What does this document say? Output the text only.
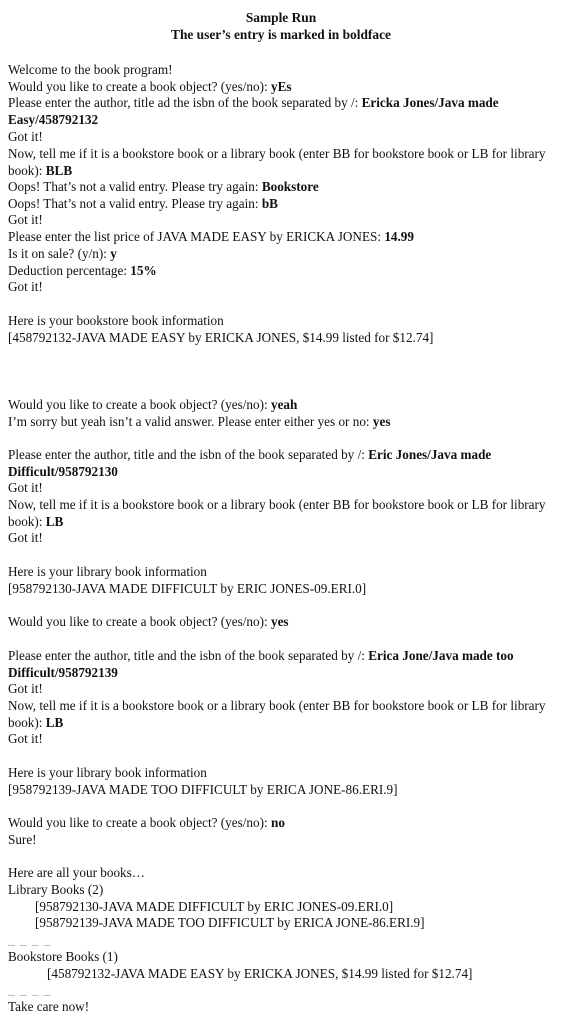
Sample Run
The user’s entry is marked in boldface
Welcome to the book program!
Would you like to create a book object? (yes/no): yEs
Please enter the author, title ad the isbn of the book separated by /: Ericka Jones/Java made Easy/458792132
Got it!
Now, tell me if it is a bookstore book or a library book (enter BB for bookstore book or LB for library book): BLB
Oops! That’s not a valid entry. Please try again: Bookstore
Oops! That’s not a valid entry. Please try again: bB
Got it!
Please enter the list price of JAVA MADE EASY by ERICKA JONES: 14.99
Is it on sale? (y/n): y
Deduction percentage: 15%
Got it!
Here is your bookstore book information
[458792132-JAVA MADE EASY by ERICKA JONES, $14.99 listed for $12.74]
Would you like to create a book object? (yes/no): yeah
I’m sorry but yeah isn’t a valid answer. Please enter either yes or no: yes
Please enter the author, title and the isbn of the book separated by /: Eric Jones/Java made Difficult/958792130
Got it!
Now, tell me if it is a bookstore book or a library book (enter BB for bookstore book or LB for library book): LB
Got it!
Here is your library book information
[958792130-JAVA MADE DIFFICULT by ERIC JONES-09.ERI.0]
Would you like to create a book object? (yes/no): yes
Please enter the author, title and the isbn of the book separated by /: Erica Jone/Java made too Difficult/958792139
Got it!
Now, tell me if it is a bookstore book or a library book (enter BB for bookstore book or LB for library book): LB
Got it!
Here is your library book information
[958792139-JAVA MADE TOO DIFFICULT by ERICA JONE-86.ERI.9]
Would you like to create a book object? (yes/no): no
Sure!
Here are all your books…
Library Books (2)
[958792130-JAVA MADE DIFFICULT by ERIC JONES-09.ERI.0]
[958792139-JAVA MADE TOO DIFFICULT by ERICA JONE-86.ERI.9]
_ _ _ _
Bookstore Books (1)
[458792132-JAVA MADE EASY by ERICKA JONES, $14.99 listed for $12.74]
_ _ _ _
Take care now!
